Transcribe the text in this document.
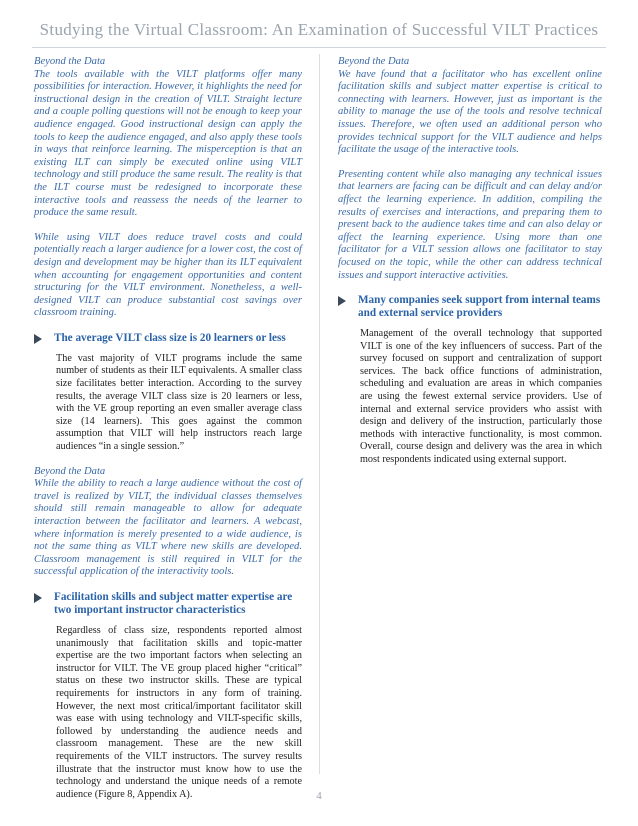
Studying the Virtual Classroom: An Examination of Successful VILT Practices

Beyond the Data

The tools available with the VILT platforms offer many possibilities for interaction. However, it highlights the need for instructional design in the creation of VILT. Straight lecture and a couple polling questions will not be enough to keep your audience engaged. Good instructional design can apply the tools to keep the audience engaged, and also apply these tools in ways that reinforce learning. The misperception is that an existing ILT can simply be executed online using VILT technology and still produce the same result. The reality is that the ILT course must be redesigned to incorporate these interactive tools and reassess the needs of the learner to produce the same result.

While using VILT does reduce travel costs and could potentially reach a larger audience for a lower cost, the cost of design and development may be higher than its ILT equivalent when accounting for engagement opportunities and content structuring for the VILT environment. Nonetheless, a well-designed VILT can produce substantial cost savings over classroom training.

The average VILT class size is 20 learners or less

The vast majority of VILT programs include the same number of students as their ILT equivalents. A smaller class size facilitates better interaction. According to the survey results, the average VILT class size is 20 learners or less, with the VE group reporting an even smaller average class size (14 learners). This goes against the common assumption that VILT will help instructors reach large audiences “in a single session.”

Beyond the Data

While the ability to reach a large audience without the cost of travel is realized by VILT, the individual classes themselves should still remain manageable to allow for adequate interaction between the facilitator and learners. A webcast, where information is merely presented to a wide audience, is not the same thing as VILT where new skills are developed. Classroom management is still required in VILT for the successful application of the interactivity tools.

Facilitation skills and subject matter expertise are two important instructor characteristics

Regardless of class size, respondents reported almost unanimously that facilitation skills and topic-matter expertise are the two important factors when selecting an instructor for VILT. The VE group placed higher “critical” status on these two instructor skills. These are typical requirements for instructors in any form of training. However, the next most critical/important facilitator skill was ease with using technology and VILT-specific skills, followed by understanding the audience needs and classroom management. These are the new skill requirements of the VILT instructors. The survey results illustrate that the instructor must know how to use the technology and understand the unique needs of a remote audience (Figure 8, Appendix A).

Beyond the Data

We have found that a facilitator who has excellent online facilitation skills and subject matter expertise is critical to connecting with learners. However, just as important is the ability to manage the use of the tools and resolve technical issues. Therefore, we often used an additional person who provides technical support for the VILT audience and helps facilitate the usage of the interactive tools.

Presenting content while also managing any technical issues that learners are facing can be difficult and can delay and/or affect the learning experience. In addition, compiling the results of exercises and interactions, and preparing them to present back to the audience takes time and can also delay or affect the learning experience. Using more than one facilitator for a VILT session allows one facilitator to stay focused on the topic, while the other can address technical issues and support interactive activities.

Many companies seek support from internal teams and external service providers

Management of the overall technology that supported VILT is one of the key influencers of success. Part of the survey focused on support and centralization of support services. The back office functions of administration, scheduling and evaluation are areas in which companies are using the fewest external service providers. Use of internal and external service providers who assist with design and delivery of the instruction, particularly those methods with interactive functionality, is most common. Overall, course design and delivery was the area in which most respondents indicated using external support.

4
